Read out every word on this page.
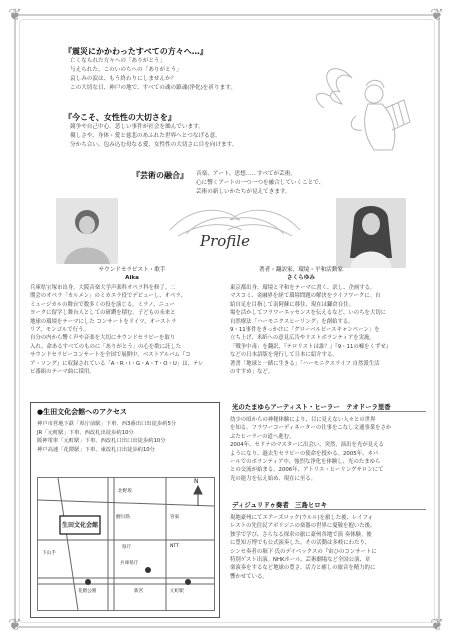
❦	❦
❦	❦
『震災にかかわったすべての方々へ…』

亡くなられた方々への「ありがとう」

与えられた、このいのちへの「ありがとう」

哀しみの涙は、もう終わりにしませんか？

この大切な日、神戸の地で、すべての魂の鎮魂(浄化)を祈ります。

『今こそ、女性性の大切さを』

競争や自己中心、悲しい事件が社会を蝕んでいます。

優しさや、身体・愛と慈悲のあふれた世界へとつなげる意。

分かち合い、包み込む母なる愛、女性性の大切さに目を向けます。

『芸術の融合』	音楽、アート、思想……すべてが芸術。

心に響くアートの一つ一つを融合していくことで、

芸術の新しいかたちが見えてきます。

Profile
サウンドセラピスト・歌手
Aika
著者・翻訳家、環境・平和活動家
さくらゆみ
兵庫県宝塚市出身。大阪音楽大学声楽科オペラ科を修了。二
期会のオペラ「カルメン」のミカエラ役でデビューし、オペラ、
ミュージカルの舞台で数多くの役を演じる。ミラノ、ニュー
ヨークに留学し舞台人としての研鑽を積む。子どもの未来と
地球の環境をテーマにした コンサートをドイツ、オーストラ
リア、モンゴルで行う。
自分の内から響く声や音楽を大切にサウンドセラピーを取り
入れ、命あるすべてのものに「ありがとう」の心を歌に託した
サウンドセラピーコンサートを全国で展開中。ベストアルバム『コ
ア・ソング』に収録されている「A・R・I・G・A・T・O・U」は、テレ
ビ番組のテーマ曲に採用。
東京都出身。環境と平和をテーマに書く、訳し、企画する。
マスコミ、金融界を経て環境問題の解決をライフワークに。自
給自足を目指して南阿蘇に移住、現在は鎌倉在住。
場を活かしてフラワーエッセンスを伝えるなど、いのちを大切に
自然療法「ハーモニクスヒーリング」を創始する。
9・11事件をきっかけに「グローバルピースキャンペーン」を
立ち上げ、米紙への意見広告やリストボランティアを実施。
「戦争中毒」を翻訳、『テロリストは誰？』『9・11の嘘をくずせ』
などの日本語版を発行して日本に紹介する。
著書「地球と一緒に生きる」「ハーモニクスライフ 自然派生活
のすすめ」など。
光のたまゆらアーティスト・ヒーラー　テオドーラ里香
幼少の頃からの神秘体験により、目に見えない人々との世界
を知る。フラワーコーディネーターの仕事をこなし文通事業をさか
ぶたヒーラーの道へ進む。
2004年、セドナのマスターに出会い、突然、演出を光が見える
ようになり、過去生セラピーの使命を授かる。2005年、ネパ
ールでのボランティア中、強烈な浄化を体験し、光のたまゆら
との交流が始まる。2006年、アトリエ・ヒーリングサロンにて
光の能力を伝え始め、現在に至る。
ディジュリドゥ奏者　三島ヒロキ
現地豪州にてエアーズロック(ウルル)を旅した後、レイフォ
レストの先住民アボリジニの楽器の世界に憂敬を抱いた後、
独学で学び、さらなる探求の旅に豪州各地で演 奏体験。後
に豊知万博でも公式演奏した。その活動は多岐にわたり、
シンセ奏者の堀下 氏のデイベックスの『宙ひのコンサートに
特別ゲスト出演。NHKホール、芸術劇場など全国公演、章
楽演奏をするなど地球の豊さ、活力と癒しの旅音を精力的に
響かせている。
●生田文化会館へのアクセス
神戸市営地下鉄「県庁前駅」下車、西3番出口出徒歩約5分
JR「元町駅」下車、西改札出徒歩約10分
阪神電車「元町駅」下車、西改札口出口出徒歩約10分
神戸高速「花隈駅」下車、東改札口出徒歩約10分
生田文化会館
N
北野坂
下山手
県庁	NTT
兵庫県庁
元町駅
花隈公園	新宮
鯉川筋	宮東
